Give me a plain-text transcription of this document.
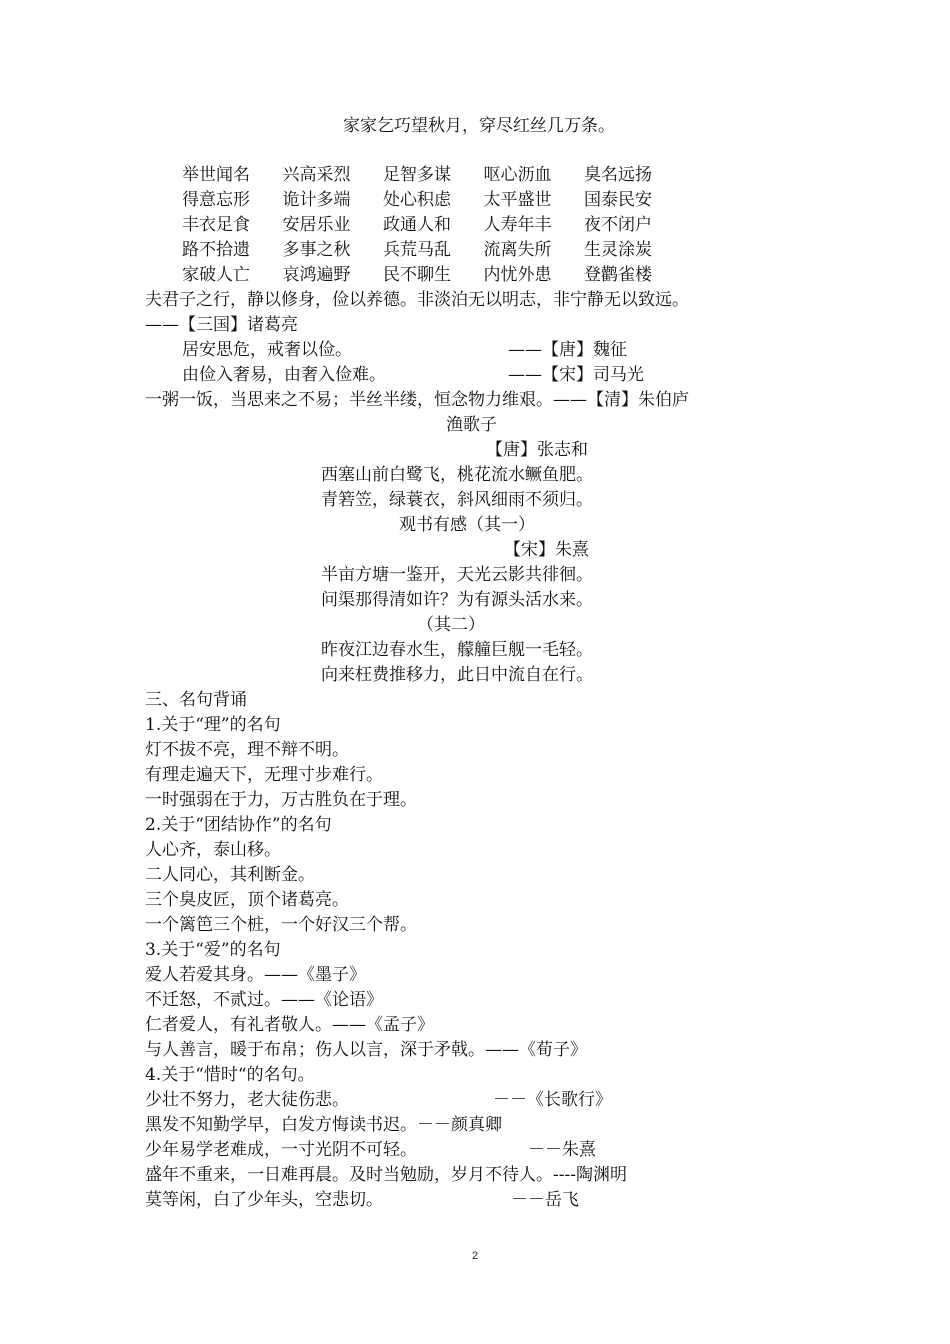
家家乞巧望秋月，穿尽红丝几万条。
举世闻名 兴高采烈 足智多谋 呕心沥血 臭名远扬
得意忘形 诡计多端 处心积虑 太平盛世 国泰民安
丰衣足食 安居乐业 政通人和 人寿年丰 夜不闭户
路不拾遗 多事之秋 兵荒马乱 流离失所 生灵涂炭
家破人亡 哀鸿遍野 民不聊生 内忧外患 登鹳雀楼
夫君子之行，静以修身，俭以养德。非淡泊无以明志，非宁静无以致远。
——【三国】诸葛亮
居安思危，戒奢以俭。	——【唐】魏征
由俭入奢易，由奢入俭难。	——【宋】司马光
一粥一饭，当思来之不易；半丝半缕，恒念物力维艰。——【清】朱伯庐
渔歌子
【唐】张志和
西塞山前白鹭飞，桃花流水鳜鱼肥。
青箬笠，绿蓑衣，斜风细雨不须归。
观书有感（其一）
【宋】朱熹
半亩方塘一鉴开，天光云影共徘徊。
问渠那得清如许？为有源头活水来。
（其二）
昨夜江边春水生，艨艟巨舰一毛轻。
向来枉费推移力，此日中流自在行。
三、名句背诵
1.关于“理”的名句
灯不拔不亮，理不辩不明。
有理走遍天下，无理寸步难行。
一时强弱在于力，万古胜负在于理。
2.关于“团结协作”的名句
人心齐，泰山移。
二人同心，其利断金。
三个臭皮匠，顶个诸葛亮。
一个篱笆三个桩，一个好汉三个帮。
3.关于“爱”的名句
爱人若爱其身。——《墨子》
不迁怒，不贰过。——《论语》
仁者爱人，有礼者敬人。——《孟子》
与人善言，暖于布帛；伤人以言，深于矛戟。——《荀子》
4.关于“惜时“的名句。
少壮不努力，老大徒伤悲。	－－《长歌行》
黑发不知勤学早，白发方悔读书迟。－－颜真卿
少年易学老难成，一寸光阴不可轻。	－－朱熹
盛年不重来，一日难再晨。及时当勉励，岁月不待人。----陶渊明
莫等闲，白了少年头，空悲切。	－－岳飞
2
